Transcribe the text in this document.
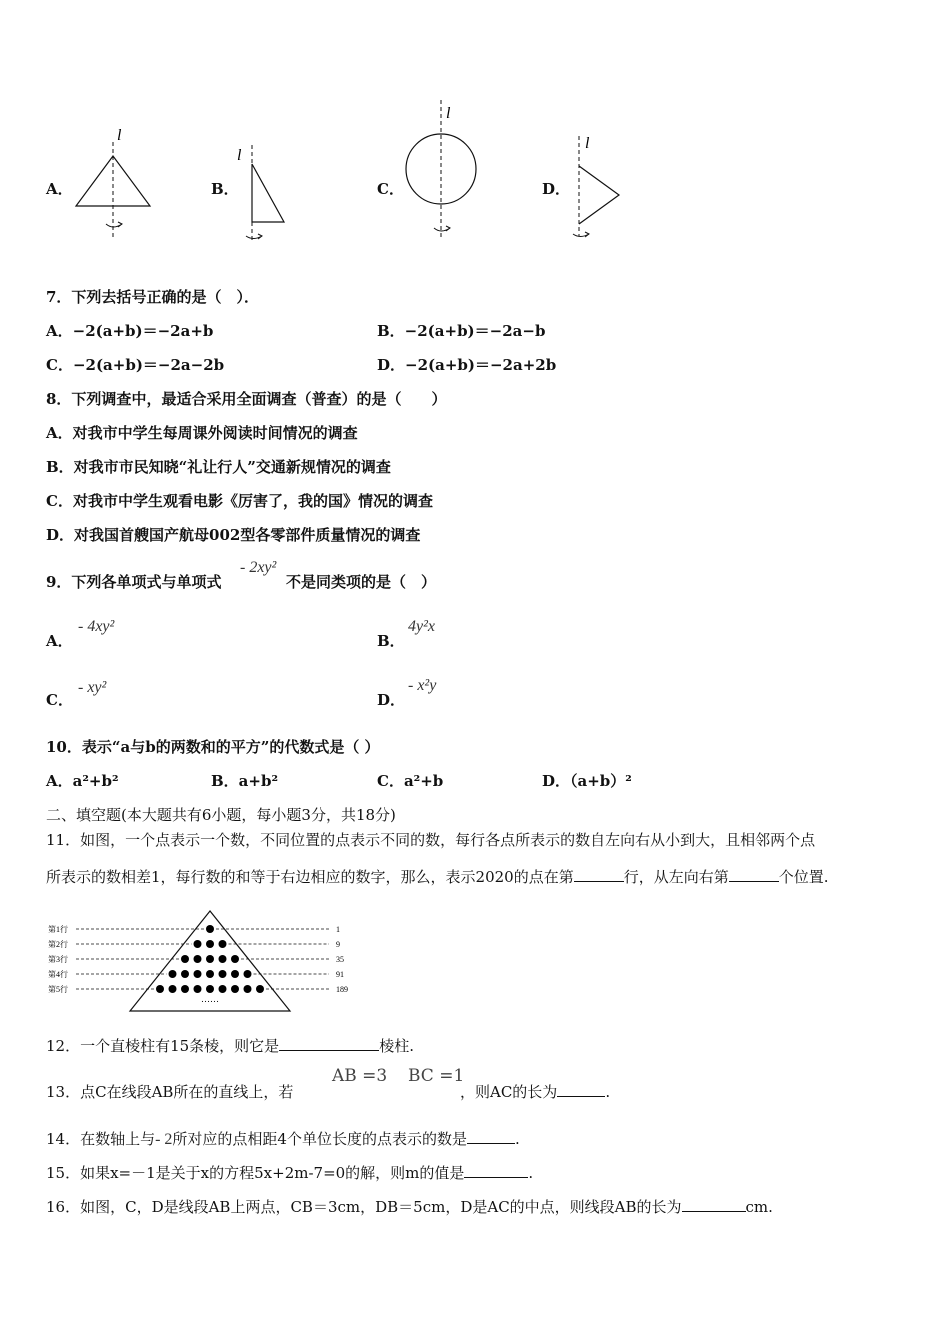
A．
l
B．
l
C．
l
D．
l
7．下列去括号正确的是（　）．
A．−2(a+b)＝−2a+b	B．−2(a+b)＝−2a−b
C．−2(a+b)＝−2a−2b	D．−2(a+b)＝−2a+2b
8．下列调查中，最适合采用全面调查（普查）的是（　　）
A．对我市中学生每周课外阅读时间情况的调查
B．对我市市民知晓“礼让行人”交通新规情况的调查
C．对我市中学生观看电影《厉害了，我的国》情况的调查
D．对我国首艘国产航母002型各零部件质量情况的调查
9．下列各单项式与单项式
- 2xy²
不是同类项的是（　）
A．
- 4xy²
B．
4y²x
C．
- xy²
D．
- x²y
10．表示“a与b的两数和的平方”的代数式是（ ）
A．a²+b²	B．a+b²	C．a²+b	D．（a+b）²
二、填空题(本大题共有6小题，每小题3分，共18分)
11．如图，一个点表示一个数，不同位置的点表示不同的数，每行各点所表示的数自左向右从小到大，且相邻两个点
所表示的数相差1，每行数的和等于右边相应的数字，那么，表示2020的点在第	行，从左向右第	个位置.
第1行	1
第2行	9
第3行	35
第4行	91
第5行	189
……
12．一个直棱柱有15条棱，则它是	棱柱.
13．点C在线段AB所在的直线上，若
AB =3 BC =1
，则AC的长为	.
14．在数轴上与- 2所对应的点相距4个单位长度的点表示的数是	.
15．如果x=－1是关于x的方程5x+2m-7=0的解，则m的值是	.
16．如图，C，D是线段AB上两点，CB＝3cm，DB＝5cm，D是AC的中点，则线段AB的长为	cm.
